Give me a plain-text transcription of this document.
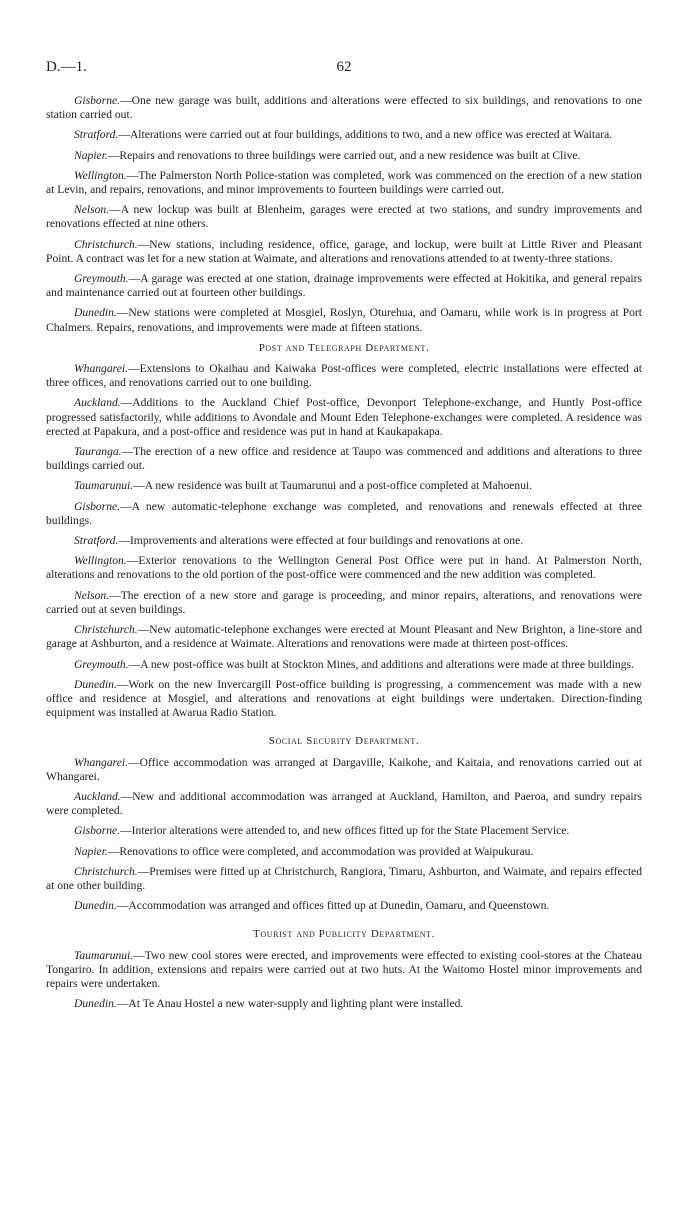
D.—1.	62

Gisborne.—One new garage was built, additions and alterations were effected to six buildings, and renovations to one station carried out.

Stratford.—Alterations were carried out at four buildings, additions to two, and a new office was erected at Waitara.

Napier.—Repairs and renovations to three buildings were carried out, and a new residence was built at Clive.

Wellington.—The Palmerston North Police-station was completed, work was commenced on the erection of a new station at Levin, and repairs, renovations, and minor improvements to fourteen buildings were carried out.

Nelson.—A new lockup was built at Blenheim, garages were erected at two stations, and sundry improvements and renovations effected at nine others.

Christchurch.—New stations, including residence, office, garage, and lockup, were built at Little River and Pleasant Point. A contract was let for a new station at Waimate, and alterations and renovations attended to at twenty-three stations.

Greymouth.—A garage was erected at one station, drainage improvements were effected at Hokitika, and general repairs and maintenance carried out at fourteen other buildings.

Dunedin.—New stations were completed at Mosgiel, Roslyn, Oturehua, and Oamaru, while work is in progress at Port Chalmers. Repairs, renovations, and improvements were made at fifteen stations.

Post and Telegraph Department.

Whangarei.—Extensions to Okaihau and Kaiwaka Post-offices were completed, electric installations were effected at three offices, and renovations carried out to one building.

Auckland.—Additions to the Auckland Chief Post-office, Devonport Telephone-exchange, and Huntly Post-office progressed satisfactorily, while additions to Avondale and Mount Eden Telephone-exchanges were completed. A residence was erected at Papakura, and a post-office and residence was put in hand at Kaukapakapa.

Tauranga.—The erection of a new office and residence at Taupo was commenced and additions and alterations to three buildings carried out.

Taumarunui.—A new residence was built at Taumarunui and a post-office completed at Mahoenui.

Gisborne.—A new automatic-telephone exchange was completed, and renovations and renewals effected at three buildings.

Stratford.—Improvements and alterations were effected at four buildings and renovations at one.

Wellington.—Exterior renovations to the Wellington General Post Office were put in hand. At Palmerston North, alterations and renovations to the old portion of the post-office were commenced and the new addition was completed.

Nelson.—The erection of a new store and garage is proceeding, and minor repairs, alterations, and renovations were carried out at seven buildings.

Christchurch.—New automatic-telephone exchanges were erected at Mount Pleasant and New Brighton, a line-store and garage at Ashburton, and a residence at Waimate. Alterations and renovations were made at thirteen post-offices.

Greymouth.—A new post-office was built at Stockton Mines, and additions and alterations were made at three buildings.

Dunedin.—Work on the new Invercargill Post-office building is progressing, a commencement was made with a new office and residence at Mosgiel, and alterations and renovations at eight buildings were undertaken. Direction-finding equipment was installed at Awarua Radio Station.

Social Security Department.

Whangarei.—Office accommodation was arranged at Dargaville, Kaikohe, and Kaitaia, and renovations carried out at Whangarei.

Auckland.—New and additional accommodation was arranged at Auckland, Hamilton, and Paeroa, and sundry repairs were completed.

Gisborne.—Interior alterations were attended to, and new offices fitted up for the State Placement Service.

Napier.—Renovations to office were completed, and accommodation was provided at Waipukurau.

Christchurch.—Premises were fitted up at Christchurch, Rangiora, Timaru, Ashburton, and Waimate, and repairs effected at one other building.

Dunedin.—Accommodation was arranged and offices fitted up at Dunedin, Oamaru, and Queenstown.

Tourist and Publicity Department.

Taumarunui.—Two new cool stores were erected, and improvements were effected to existing cool-stores at the Chateau Tongariro. In addition, extensions and repairs were carried out at two huts. At the Waitomo Hostel minor improvements and repairs were undertaken.

Dunedin.—At Te Anau Hostel a new water-supply and lighting plant were installed.
